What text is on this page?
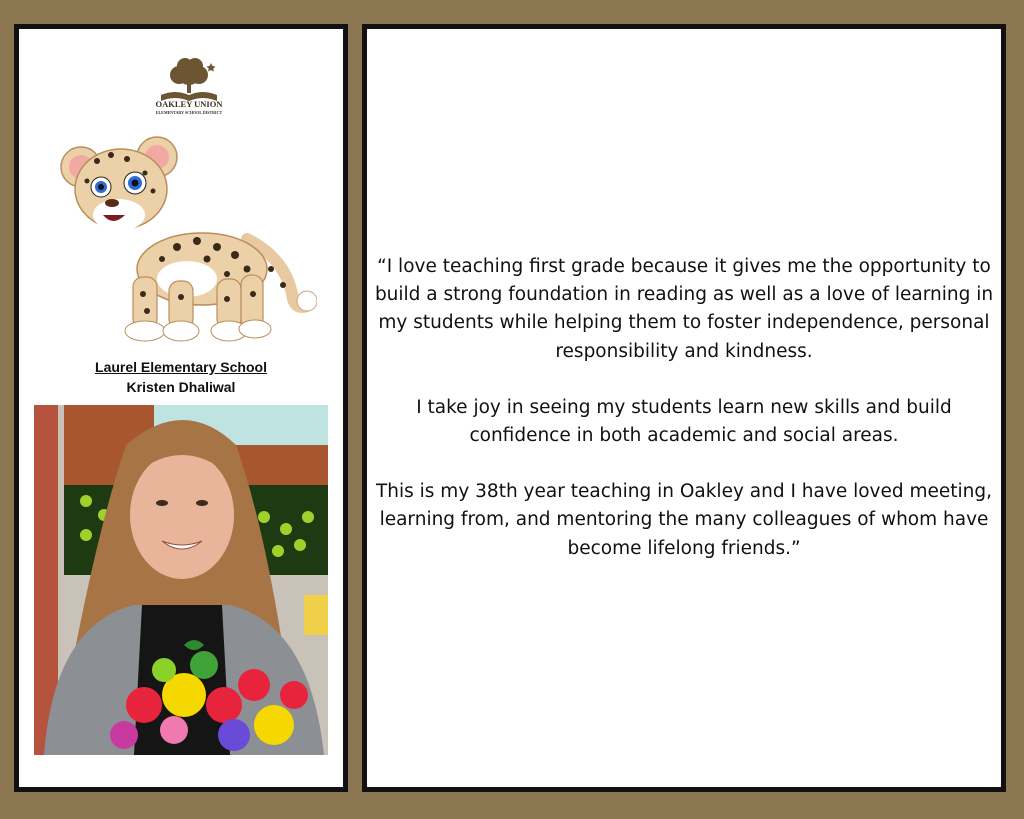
OAKLEY UNION
ELEMENTARY SCHOOL DISTRICT
Laurel Elementary School
Kristen Dhaliwal

“I love teaching first grade because it gives me the opportunity to build a strong foundation in reading as well as a love of learning in my students while helping them to foster independence, personal responsibility and kindness.

I take joy in seeing my students learn new skills and build confidence in both academic and social areas.

This is my 38th year teaching in Oakley and I have loved meeting, learning from, and mentoring the many colleagues of whom have become lifelong friends.”
